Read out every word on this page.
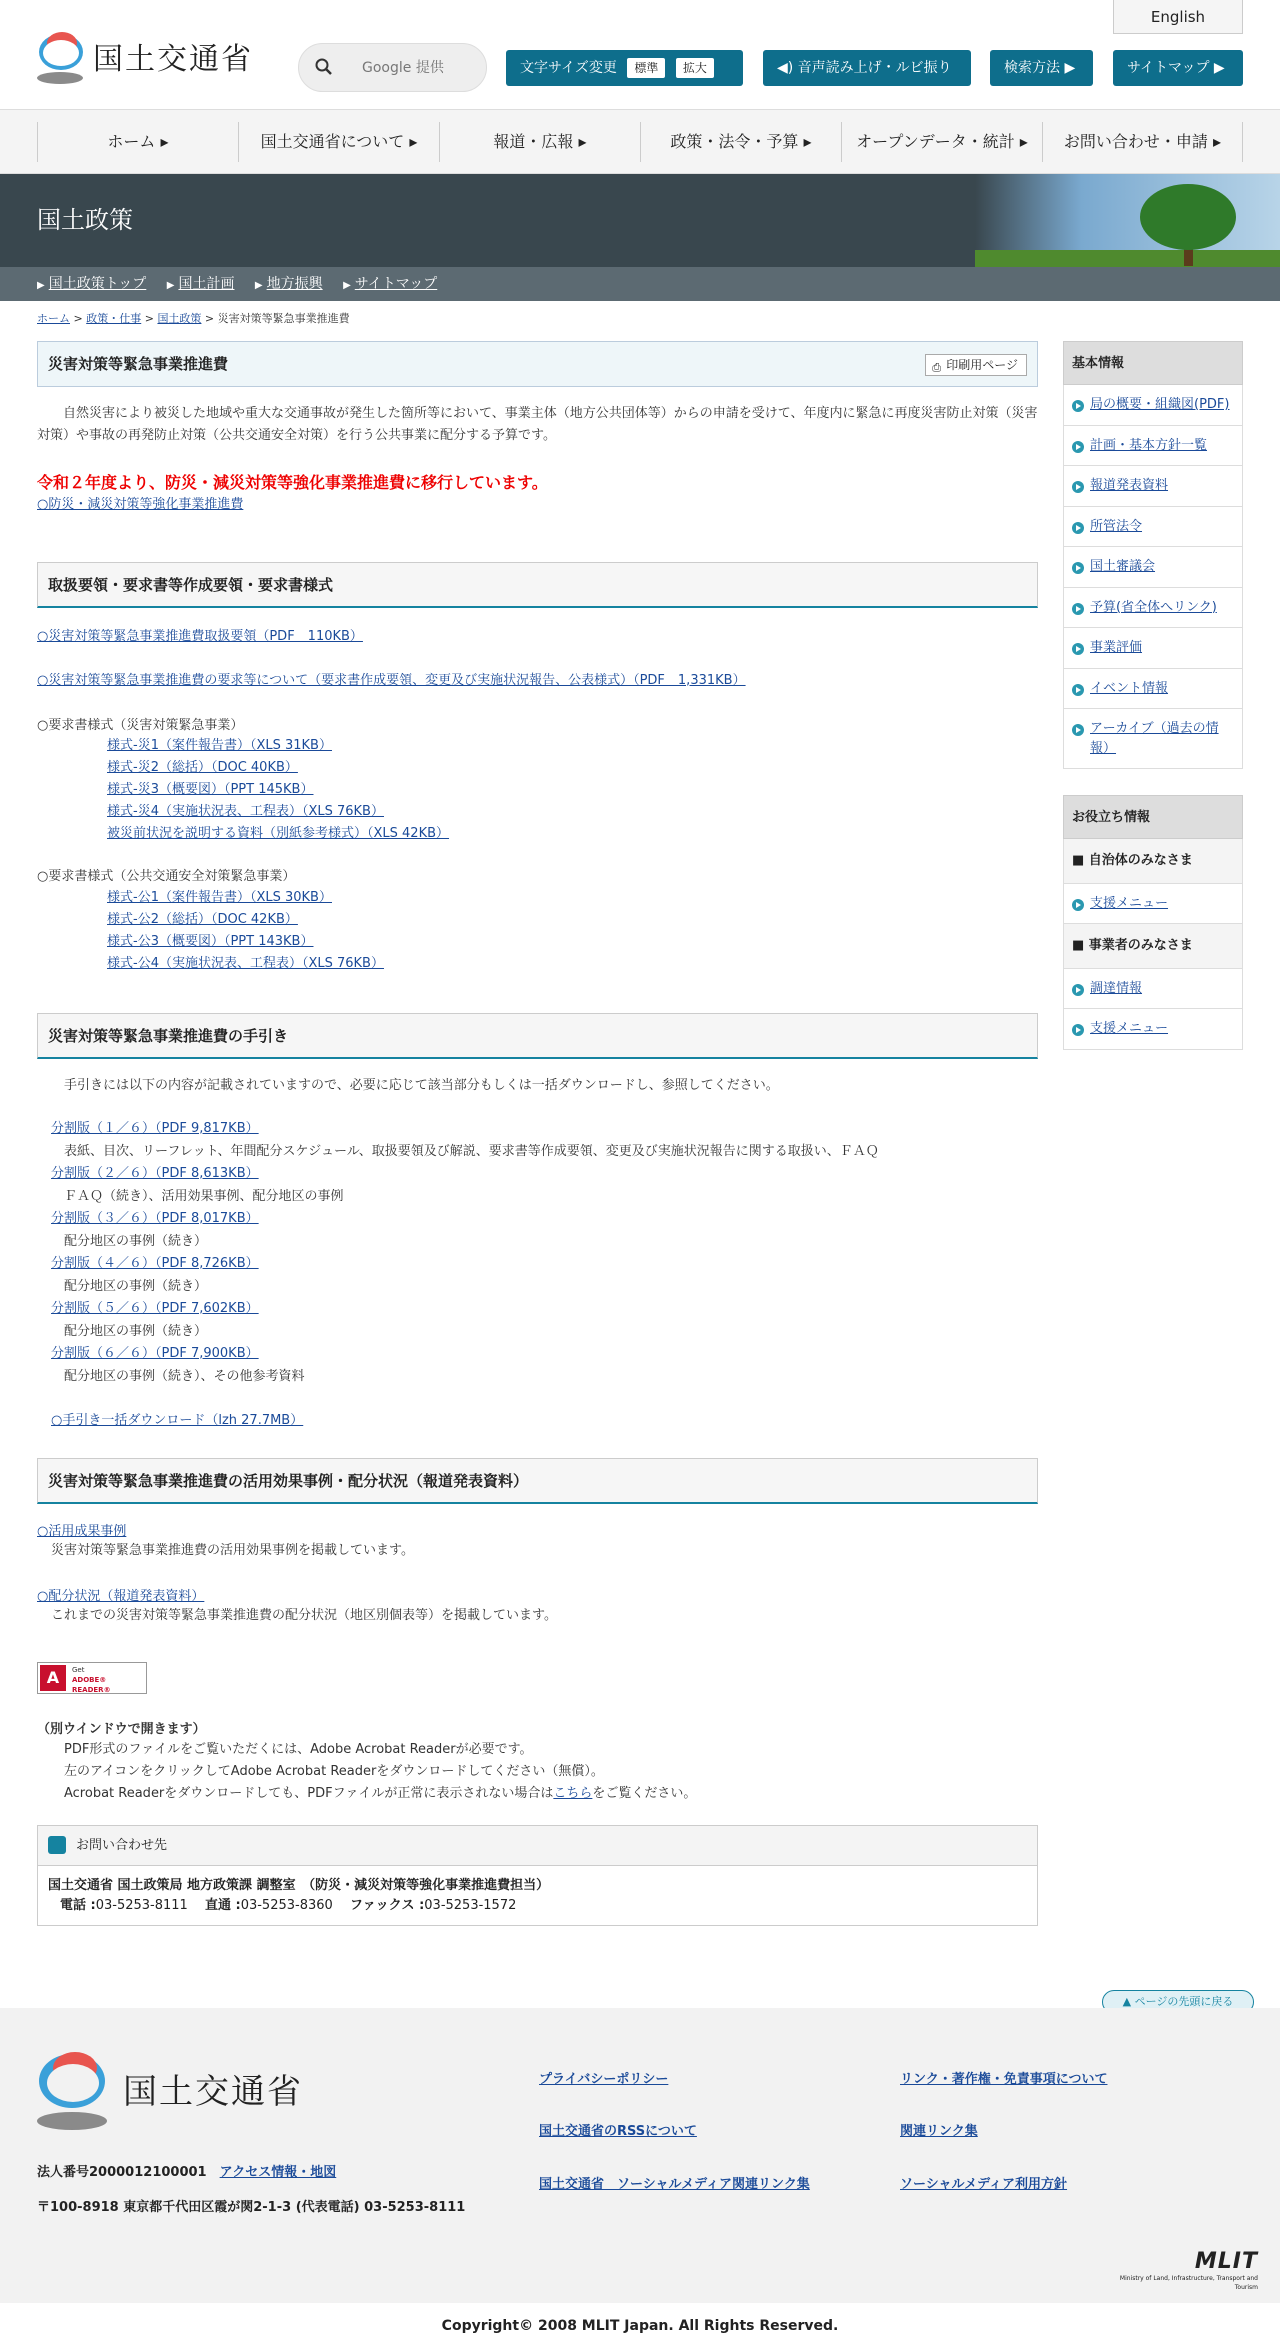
国土交通省
English
Google 提供	文字サイズ変更 標準 拡大	◀) 音声読み上げ・ルビ振り	検索方法 ▶	サイトマップ ▶
ホーム ▸	国土交通省について ▸	報道・広報 ▸	政策・法令・予算 ▸	オープンデータ・統計 ▸	お問い合わせ・申請 ▸
国土政策
▶ 国土政策トップ ▶ 国土計画 ▶ 地方振興 ▶ サイトマップ
ホーム > 政策・仕事 > 国土政策 > 災害対策等緊急事業推進費
災害対策等緊急事業推進費	⎙ 印刷用ページ

自然災害により被災した地域や重大な交通事故が発生した箇所等において、事業主体（地方公共団体等）からの申請を受けて、年度内に緊急に再度災害防止対策（災害対策）や事故の再発防止対策（公共交通安全対策）を行う公共事業に配分する予算です。

令和２年度より、防災・減災対策等強化事業推進費に移行しています。

○防災・減災対策等強化事業推進費
取扱要領・要求書等作成要領・要求書様式
○災害対策等緊急事業推進費取扱要領（PDF　110KB）
○災害対策等緊急事業推進費の要求等について（要求書作成要領、変更及び実施状況報告、公表様式）（PDF　1,331KB）

○要求書様式（災害対策緊急事業）

様式-災1（案件報告書）（XLS 31KB）
様式-災2（総括）（DOC 40KB）
様式-災3（概要図）（PPT 145KB）
様式-災4（実施状況表、工程表）（XLS 76KB）
被災前状況を説明する資料（別紙参考様式）（XLS 42KB）

○要求書様式（公共交通安全対策緊急事業）

様式-公1（案件報告書）（XLS 30KB）
様式-公2（総括）（DOC 42KB）
様式-公3（概要図）（PPT 143KB）
様式-公4（実施状況表、工程表）（XLS 76KB）
災害対策等緊急事業推進費の手引き

手引きには以下の内容が記載されていますので、必要に応じて該当部分もしくは一括ダウンロードし、参照してください。

分割版（１／６）（PDF 9,817KB）

表紙、目次、リーフレット、年間配分スケジュール、取扱要領及び解説、要求書等作成要領、変更及び実施状況報告に関する取扱い、ＦＡＱ

分割版（２／６）（PDF 8,613KB）

ＦＡＱ（続き）、活用効果事例、配分地区の事例

分割版（３／６）（PDF 8,017KB）

配分地区の事例（続き）

分割版（４／６）（PDF 8,726KB）

配分地区の事例（続き）

分割版（５／６）（PDF 7,602KB）

配分地区の事例（続き）

分割版（６／６）（PDF 7,900KB）

配分地区の事例（続き）、その他参考資料

○手引き一括ダウンロード（lzh 27.7MB）
災害対策等緊急事業推進費の活用効果事例・配分状況（報道発表資料）
○活用成果事例

災害対策等緊急事業推進費の活用効果事例を掲載しています。

○配分状況（報道発表資料）

これまでの災害対策等緊急事業推進費の配分状況（地区別個表等）を掲載しています。

A	Get
ADOBE® READER®

（別ウインドウで開きます）

PDF形式のファイルをご覧いただくには、Adobe Acrobat Readerが必要です。

左のアイコンをクリックしてAdobe Acrobat Readerをダウンロードしてください（無償）。

Acrobat Readerをダウンロードしても、PDFファイルが正常に表示されない場合はこちらをご覧ください。

お問い合わせ先

国土交通省 国土政策局 地方政策課 調整室　（防災・減災対策等強化事業推進費担当）

電話 :03-5253-8111　 直通 :03-5253-8360　 ファックス :03-5253-1572

基本情報
局の概要・組織図(PDF)
計画・基本方針一覧
報道発表資料
所管法令
国土審議会
予算(省全体へリンク)
事業評価
イベント情報
アーカイブ（過去の情報）
お役立ち情報
■ 自治体のみなさま
支援メニュー
■ 事業者のみなさま
調達情報
支援メニュー
▲ ページの先頭に戻る
国土交通省
法人番号2000012100001　 アクセス情報・地図
〒100-8918 東京都千代田区霞が関2-1-3 (代表電話) 03-5253-8111
プライバシーポリシー	リンク・著作権・免責事項について
国土交通省のRSSについて	関連リンク集
国土交通省　ソーシャルメディア関連リンク集	ソーシャルメディア利用方針
MLIT
Ministry of Land, Infrastructure, Transport and Tourism
Copyright© 2008 MLIT Japan. All Rights Reserved.
